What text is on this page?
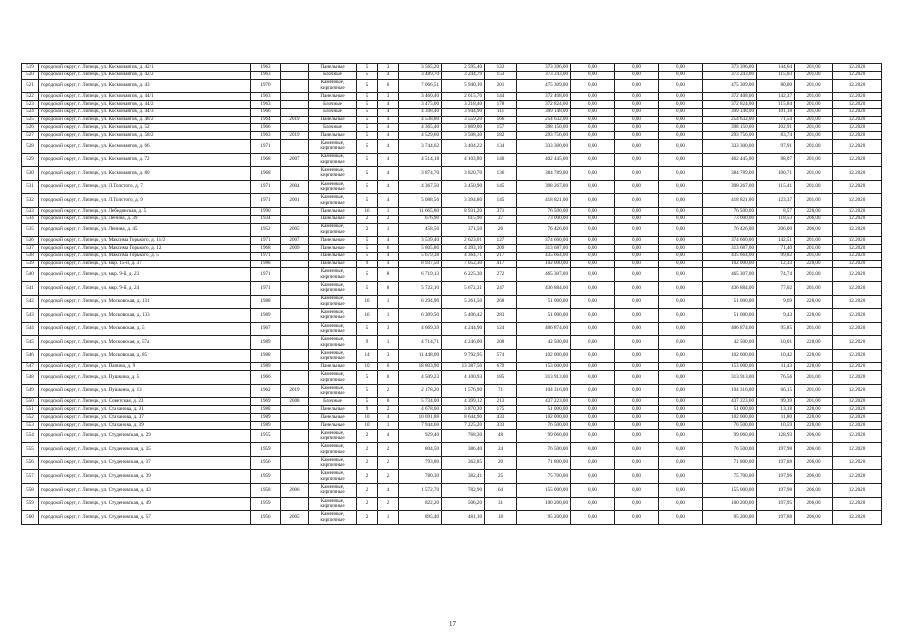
519	городской округ, г. Липецк, ул. Космонавтов, д. 42/1	1963		Панельные	5	3	3 565,20	2 595,40	133	373 396,00	0,00	0,00	0,00	373 396,00	144,64	201,00	12.2020
520	городской округ, г. Липецк, ул. Космонавтов, д. 42/2	1963		Блочные	5	4	3 489,70	3 244,79	153	373 243,00	0,00	0,00	0,00	373 243,00	115,03	201,00	12.2020
521	городской округ, г. Липецк, ул. Космонавтов, д. 43	1970		Каменные, кирпичные	5	6	7 066,51	5 940,10	201	475 309,00	0,00	0,00	0,00	475 309,00	80,00	201,00	12.2020
522	городской округ, г. Липецк, ул. Космонавтов, д. 44/1	1963		Панельные	5	3	3 460,40	2 615,70	144	372 408,00	0,00	0,00	0,00	372 408,00	142,37	201,00	12.2020
523	городской округ, г. Липецк, ул. Космонавтов, д. 44/2	1963		Блочные	5	4	3 475,00	3 218,40	178	372 824,00	0,00	0,00	0,00	372 824,00	115,84	201,00	12.2020
524	городской округ, г. Липецк, ул. Космонавтов, д. 44/3	1966		Блочные	5	4	4 398,40	3 944,90	111	399 148,00	0,00	0,00	0,00	399 148,00	101,18	201,00	12.2020
525	городской округ, г. Липецк, ул. Космонавтов, д. 48/2	1964	2019	Панельные	5	4	4 538,80	3 559,20	166	254 632,00	0,00	0,00	0,00	254 632,00	71,54	201,00	12.2020
526	городской округ, г. Липецк, ул. Космонавтов, д. 52	1966		Блочные	5	4	4 365,40	3 869,00	157	398 150,00	0,00	0,00	0,00	398 150,00	102,91	201,00	12.2020
527	городской округ, г. Липецк, ул. Космонавтов, д. 58/2	1963	2019	Панельные	5	4	4 529,60	3 508,30	182	293 756,00	0,00	0,00	0,00	293 756,00	83,74	201,00	12.2020
528	городской округ, г. Липецк, ул. Космонавтов, д. 66	1971		Каменные, кирпичные	5	4	3 744,62	3 404,22	134	333 300,00	0,00	0,00	0,00	333 300,00	97,91	201,00	12.2020
529	городской округ, г. Липецк, ул. Космонавтов, д. 72	1968	2007	Каменные, кирпичные	5	4	4 514,18	4 103,80	140	402 445,00	0,00	0,00	0,00	402 445,00	98,07	201,00	12.2020
530	городской округ, г. Липецк, ул. Космонавтов, д. 80	1968		Каменные, кирпичные	5	4	3 874,70	3 820,70	136	384 789,00	0,00	0,00	0,00	384 789,00	100,71	201,00	12.2020
531	городской округ, г. Липецк, ул. Л.Толстого, д. 7	1971	2004	Каменные, кирпичные	5	4	4 367,50	3 450,90	145	398 267,00	0,00	0,00	0,00	398 267,00	115,41	201,00	12.2020
532	городской округ, г. Липецк, ул. Л.Толстого, д. 9	1971	2001	Каменные, кирпичные	5	4	5 088,56	3 394,80	145	418 821,00	0,00	0,00	0,00	418 821,00	123,37	201,00	12.2020
533	городской округ, г. Липецк, ул. Лебедянская, д. 5	1990		Панельные	16	1	11 665,80	8 931,20	371	76 500,00	0,00	0,00	0,00	76 500,00	8,57	228,00	12.2020
534	городской округ, г. Липецк, ул. Ленина, д. 39	1934		Панельные	2	2	676,90	615,90	27	73 000,00	0,00	0,00	0,00	73 000,00	118,53	206,00	12.2020
535	городской округ, г. Липецк, ул. Ленина, д. 45	1952	2005	Каменные, кирпичные	2	1	458,50	371,50	26	76 426,00	0,00	0,00	0,00	76 426,00	206,00	206,00	12.2020
536	городской округ, г. Липецк, ул. Максима Горького, д. 11/2	1971	2007	Панельные	5	4	3 539,40	2 623,01	127	374 660,00	0,00	0,00	0,00	374 660,00	142,51	201,00	12.2020
537	городской округ, г. Липецк, ул. Максима Горького, д. 12	1968	2009	Панельные	5	6	5 805,80	4 393,10	209	313 687,00	0,00	0,00	0,00	313 687,00	71,40	201,00	12.2020
538	городской округ, г. Липецк, ул. Максима Горького, д. 5	1971		Панельные	5	4	5 679,38	4 364,71	217	435 664,00	0,00	0,00	0,00	435 664,00	99,82	201,00	12.2020
539	городской округ, г. Липецк, ул. мкр. 15-й, д. 37	1988		Панельные	9	4	8 937,50	7 052,30	417	102 000,00	0,00	0,00	0,00	102 000,00	12,33	228,00	12.2020
540	городской округ, г. Липецк, ул. мкр. 9-й, д. 23	1971		Каменные, кирпичные	5	8	6 719,13	6 225,30	272	465 307,00	0,00	0,00	0,00	465 307,00	74,74	201,00	12.2020
541	городской округ, г. Липецк, ул. мкр. 9-й, д. 24	1971		Каменные, кирпичные	5	8	5 722,10	5 672,31	247	436 884,00	0,00	0,00	0,00	436 884,00	77,02	201,00	12.2020
542	городской округ, г. Липецк, ул. Московская, д. 131	1988		Каменные, кирпичные	16	1	6 294,90	5 261,50	268	51 000,00	0,00	0,00	0,00	51 000,00	9,69	228,00	12.2020
543	городской округ, г. Липецк, ул. Московская, д. 133	1989		Каменные, кирпичные	16	1	6 309,50	5 406,42	283	51 000,00	0,00	0,00	0,00	51 000,00	9,43	228,00	12.2020
544	городской округ, г. Липецк, ул. Московская, д. 5	1967		Каменные, кирпичные	5	3	4 669,39	4 244,90	124	406 874,00	0,00	0,00	0,00	406 874,00	95,85	201,00	12.2020
545	городской округ, г. Липецк, ул. Московская, д. 57а	1989		Каменные, кирпичные	9	1	4 714,71	4 246,00	208	42 500,00	0,00	0,00	0,00	42 500,00	10,01	228,00	12.2020
546	городской округ, г. Липецк, ул. Московская, д. 85	1988		Каменные, кирпичные	14	3	11 448,00	9 792,95	574	102 000,00	0,00	0,00	0,00	102 000,00	10,42	228,00	12.2020
547	городской округ, г. Липецк, ул. Папина, д. 9	1989		Панельные	10	6	18 803,90	13 387,50	679	153 000,00	0,00	0,00	0,00	153 000,00	11,43	228,00	12.2020
548	городской округ, г. Липецк, ул. Пушкина, д. 5	1966		Каменные, кирпичные	5	6	4 509,23	4 100,93	185	313 913,00	0,00	0,00	0,00	313 913,00	76,56	201,00	12.2020
549	городской округ, г. Липецк, ул. Пушкина, д. 13	1962	2019	Каменные, кирпичные	5	2	2 178,20	1 576,90	71	104 316,00	0,00	0,00	0,00	104 316,00	66,15	201,00	12.2020
550	городской округ, г. Липецк, ул. Советская, д. 23	1969	2008	Блочные	5	6	5 734,00	4 399,12	213	437 223,00	0,00	0,00	0,00	437 223,00	99,39	201,00	12.2020
551	городской округ, г. Липецк, ул. Стаханова, д. 31	1988		Панельные	9	2	4 678,60	3 870,30	175	51 000,00	0,00	0,00	0,00	51 000,00	13,18	228,00	12.2020
552	городской округ, г. Липецк, ул. Стаханова, д. 37	1989		Панельные	10	4	10 691,88	8 644,90	433	102 000,00	0,00	0,00	0,00	102 000,00	11,80	228,00	12.2020
553	городской округ, г. Липецк, ул. Стаханова, д. 39	1989		Панельные	10	1	7 944,60	7 225,20	333	76 500,00	0,00	0,00	0,00	76 500,00	10,59	228,00	12.2020
554	городской округ, г. Липецк, ул. Студеновская, д. 29	1955		Каменные, кирпичные	2	4	929,40	768,30	48	99 060,00	0,00	0,00	0,00	99 060,00	128,93	206,00	12.2020
555	городской округ, г. Липецк, ул. Студеновская, д. 35	1959		Каменные, кирпичные	2	2	804,50	386,40	24	76 500,00	0,00	0,00	0,00	76 500,00	197,98	206,00	12.2020
556	городской округ, г. Липецк, ул. Студеновская, д. 37	1956		Каменные, кирпичные	2	2	793,80	362,85	20	71 800,00	0,00	0,00	0,00	71 800,00	197,88	206,00	12.2020
557	городской округ, г. Липецк, ул. Студеновская, д. 39	1959		Каменные, кирпичные	2	2	780,30	382,41	25	75 700,00	0,00	0,00	0,00	75 700,00	197,96	206,00	12.2020
558	городской округ, г. Липецк, ул. Студеновская, д. 43	1958	2006	Каменные, кирпичные	2	4	1 572,70	782,90	64	155 000,00	0,00	0,00	0,00	155 000,00	197,98	206,00	12.2020
559	городской округ, г. Липецк, ул. Студеновская, д. 49	1959		Каменные, кирпичные	2	2	822,20	506,20	31	100 200,00	0,00	0,00	0,00	100 200,00	197,95	206,00	12.2020
560	городской округ, г. Липецк, ул. Студеновская, д. 57	1956	2005	Каменные, кирпичные	2	1	895,40	481,10	18	95 200,00	0,00	0,00	0,00	95 200,00	197,88	206,00	12.2020
17
